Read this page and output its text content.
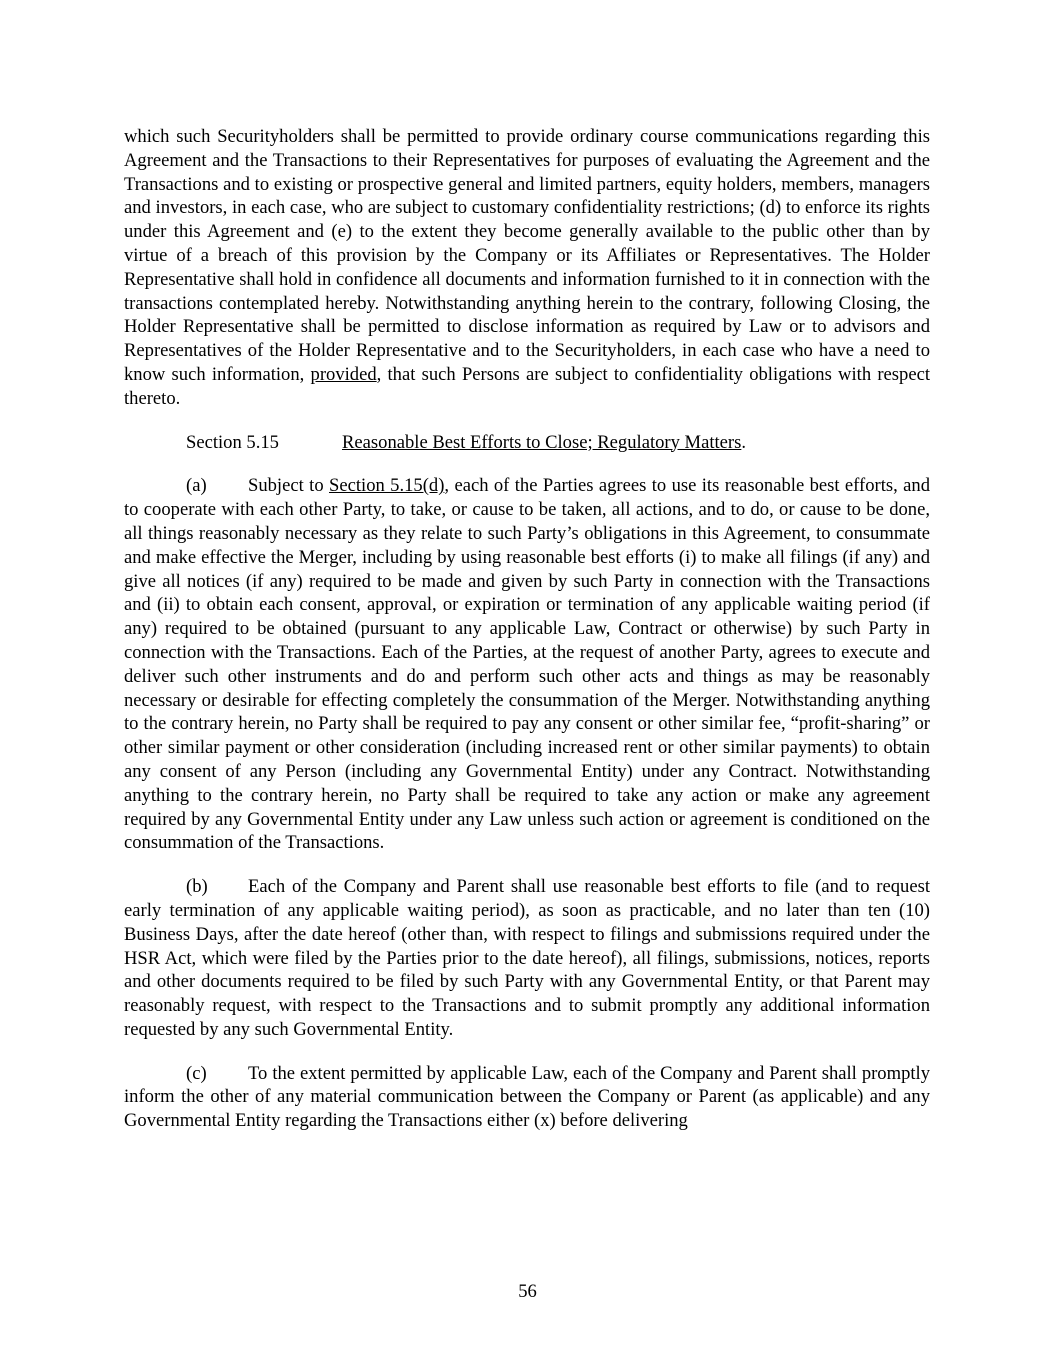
which such Securityholders shall be permitted to provide ordinary course communications regarding this Agreement and the Transactions to their Representatives for purposes of evaluating the Agreement and the Transactions and to existing or prospective general and limited partners, equity holders, members, managers and investors, in each case, who are subject to customary confidentiality restrictions; (d) to enforce its rights under this Agreement and (e) to the extent they become generally available to the public other than by virtue of a breach of this provision by the Company or its Affiliates or Representatives. The Holder Representative shall hold in confidence all documents and information furnished to it in connection with the transactions contemplated hereby. Notwithstanding anything herein to the contrary, following Closing, the Holder Representative shall be permitted to disclose information as required by Law or to advisors and Representatives of the Holder Representative and to the Securityholders, in each case who have a need to know such information, provided, that such Persons are subject to confidentiality obligations with respect thereto.

Section 5.15	Reasonable Best Efforts to Close; Regulatory Matters.

(a) Subject to Section 5.15(d), each of the Parties agrees to use its reasonable best efforts, and to cooperate with each other Party, to take, or cause to be taken, all actions, and to do, or cause to be done, all things reasonably necessary as they relate to such Party’s obligations in this Agreement, to consummate and make effective the Merger, including by using reasonable best efforts (i) to make all filings (if any) and give all notices (if any) required to be made and given by such Party in connection with the Transactions and (ii) to obtain each consent, approval, or expiration or termination of any applicable waiting period (if any) required to be obtained (pursuant to any applicable Law, Contract or otherwise) by such Party in connection with the Transactions. Each of the Parties, at the request of another Party, agrees to execute and deliver such other instruments and do and perform such other acts and things as may be reasonably necessary or desirable for effecting completely the consummation of the Merger. Notwithstanding anything to the contrary herein, no Party shall be required to pay any consent or other similar fee, “profit-sharing” or other similar payment or other consideration (including increased rent or other similar payments) to obtain any consent of any Person (including any Governmental Entity) under any Contract. Notwithstanding anything to the contrary herein, no Party shall be required to take any action or make any agreement required by any Governmental Entity under any Law unless such action or agreement is conditioned on the consummation of the Transactions.

(b) Each of the Company and Parent shall use reasonable best efforts to file (and to request early termination of any applicable waiting period), as soon as practicable, and no later than ten (10) Business Days, after the date hereof (other than, with respect to filings and submissions required under the HSR Act, which were filed by the Parties prior to the date hereof), all filings, submissions, notices, reports and other documents required to be filed by such Party with any Governmental Entity, or that Parent may reasonably request, with respect to the Transactions and to submit promptly any additional information requested by any such Governmental Entity.

(c) To the extent permitted by applicable Law, each of the Company and Parent shall promptly inform the other of any material communication between the Company or Parent (as applicable) and any Governmental Entity regarding the Transactions either (x) before delivering

56
